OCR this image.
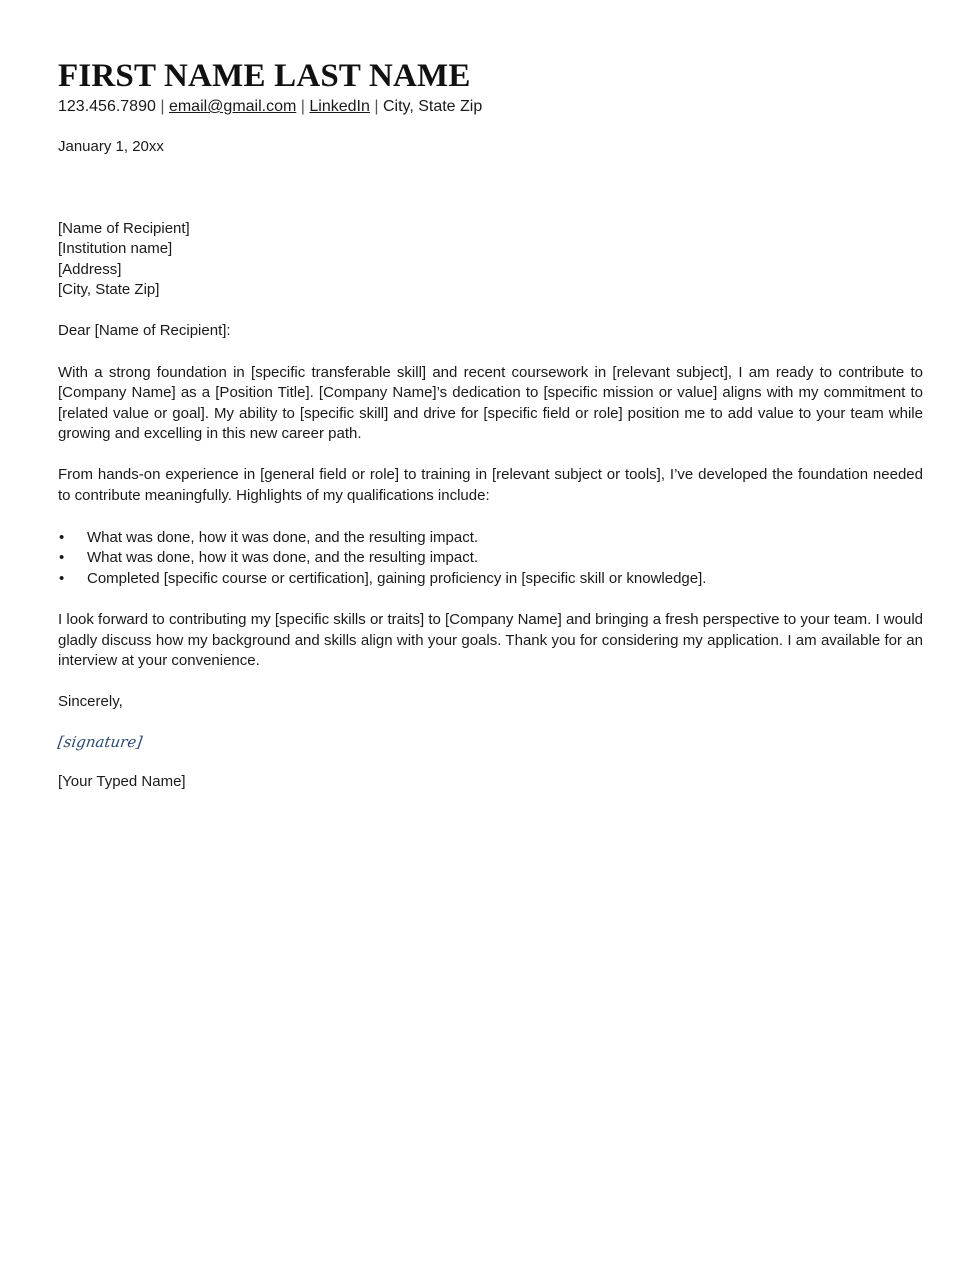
FIRST NAME LAST NAME

123.456.7890 | email@gmail.com | LinkedIn | City, State Zip

January 1, 20xx
[Name of Recipient]
[Institution name]
[Address]
[City, State Zip]
Dear [Name of Recipient]:

With a strong foundation in [specific transferable skill] and recent coursework in [relevant subject], I am ready to contribute to [Company Name] as a [Position Title]. [Company Name]’s dedication to [specific mission or value] aligns with my commitment to [related value or goal]. My ability to [specific skill] and drive for [specific field or role] position me to add value to your team while growing and excelling in this new career path.

From hands-on experience in [general field or role] to training in [relevant subject or tools], I’ve developed the foundation needed to contribute meaningfully. Highlights of my qualifications include:

• What was done, how it was done, and the resulting impact.
• What was done, how it was done, and the resulting impact.
• Completed [specific course or certification], gaining proficiency in [specific skill or knowledge].

I look forward to contributing my [specific skills or traits] to [Company Name] and bringing a fresh perspective to your team. I would gladly discuss how my background and skills align with your goals. Thank you for considering my application. I am available for an interview at your convenience.

Sincerely,
[signature]
[Your Typed Name]
